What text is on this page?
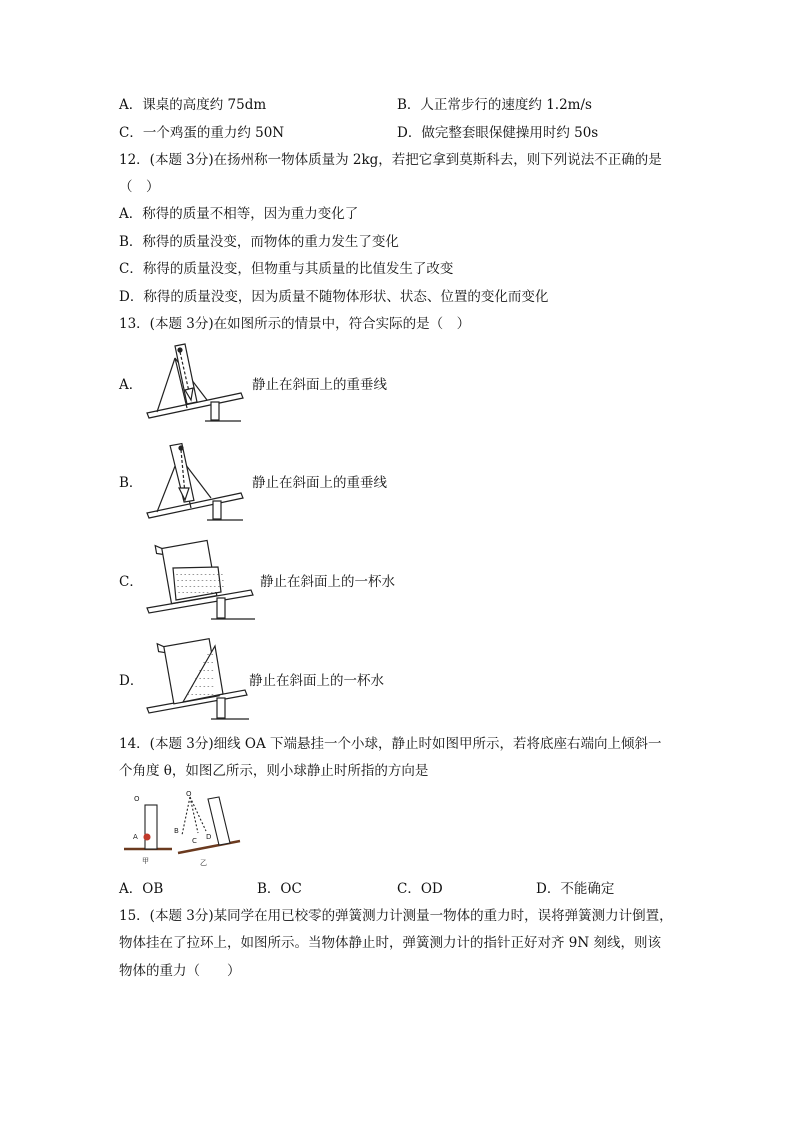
A．课桌的高度约 75dm	B．人正常步行的速度约 1.2m/s
C．一个鸡蛋的重力约 50N	D．做完整套眼保健操用时约 50s
12．(本题 3分)在扬州称一物体质量为 2kg，若把它拿到莫斯科去，则下列说法不正确的是
（　）
A．称得的质量不相等，因为重力变化了
B．称得的质量没变，而物体的重力发生了变化
C．称得的质量没变，但物重与其质量的比值发生了改变
D．称得的质量没变，因为质量不随物体形状、状态、位置的变化而变化
13．(本题 3分)在如图所示的情景中，符合实际的是（　）
A．	静止在斜面上的重垂线
B．	静止在斜面上的重垂线
C．	- - - - - - - - - - - -
- - - - - - - - - - - -
- - - - - - - - - - - -
- - - - - - - - - -
静止在斜面上的一杯水
D．
- -
- - -
- - - -
- - - - -
- - - - - -
- - - - - - -
静止在斜面上的一杯水
14．(本题 3分)细线 OA 下端悬挂一个小球，静止时如图甲所示，若将底座右端向上倾斜一
个角度 θ，如图乙所示，则小球静止时所指的方向是
O
A
甲
O
B
C D
乙
A．OB	B．OC	C．OD	D．不能确定
15．(本题 3分)某同学在用已校零的弹簧测力计测量一物体的重力时，误将弹簧测力计倒置，
物体挂在了拉环上，如图所示。当物体静止时，弹簧测力计的指针正好对齐 9N 刻线，则该
物体的重力（　　）
